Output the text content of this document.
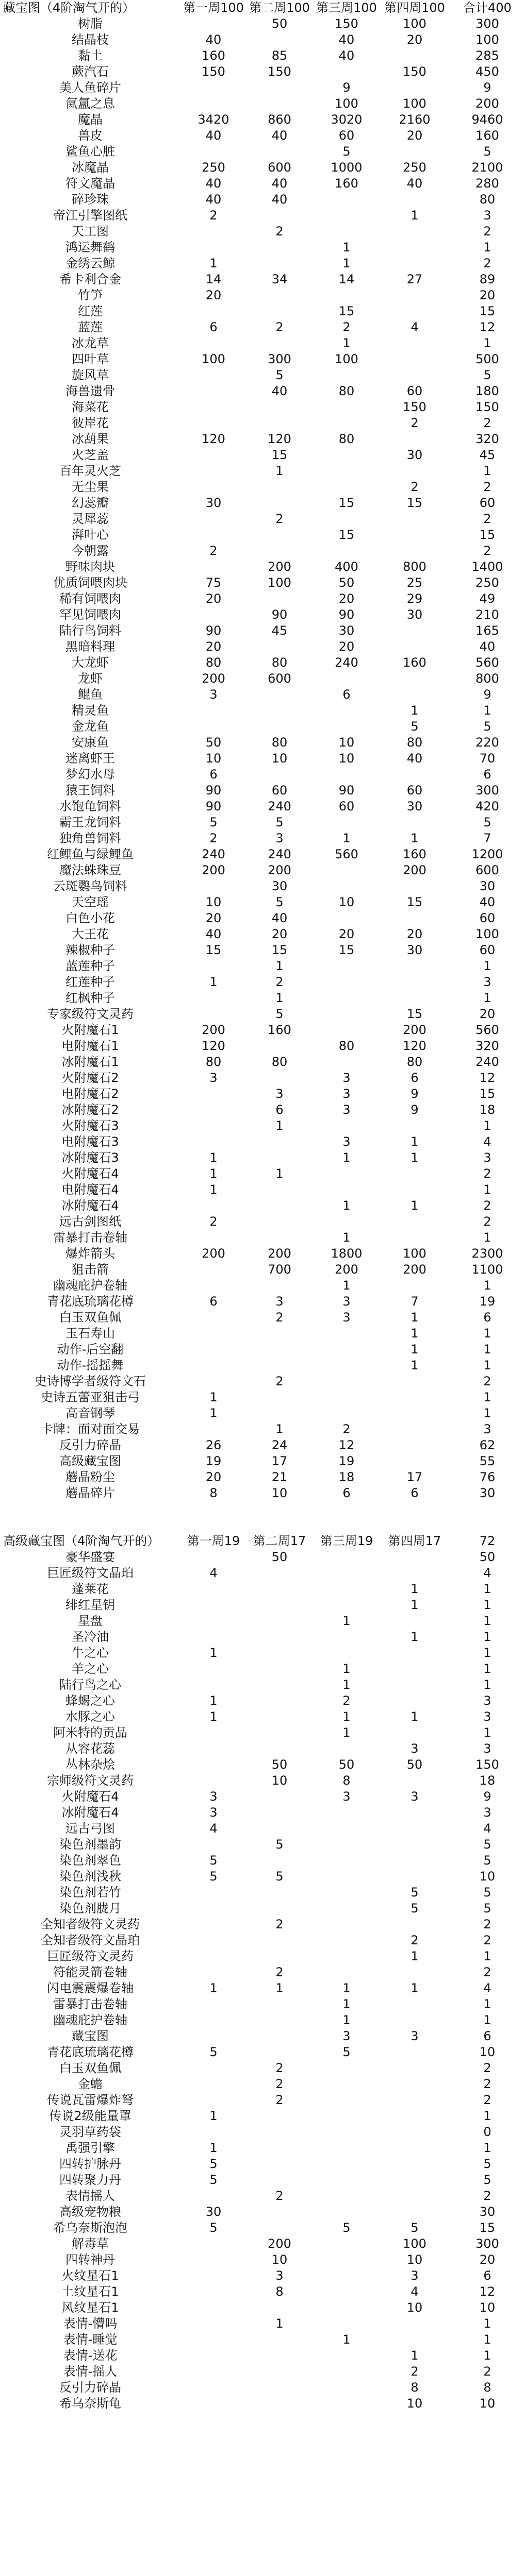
藏宝图（4阶淘气开的）	第一周100	第二周100	第三周100	第四周100	合计400
树脂		50	150	100	300
结晶枝	40		40	20	100
黏土	160	85	40		285
蕨汽石	150	150		150	450
美人鱼碎片			9		9
氤氲之息			100	100	200
魔晶	3420	860	3020	2160	9460
兽皮	40	40	60	20	160
鲨鱼心脏			5		5
冰魔晶	250	600	1000	250	2100
符文魔晶	40	40	160	40	280
碎珍珠	40	40			80
帝江引擎图纸	2			1	3
天工图		2			2
鸿运舞鹤			1		1
金绣云鲸	1		1		2
希卡利合金	14	34	14	27	89
竹笋	20				20
红莲			15		15
蓝莲	6	2	2	4	12
冰龙草			1		1
四叶草	100	300	100		500
旋风草		5			5
海兽遗骨		40	80	60	180
海菜花				150	150
彼岸花				2	2
冰葫果	120	120	80		320
火芝盖		15		30	45
百年灵火芝		1			1
无尘果				2	2
幻蕊瓣	30		15	15	60
灵犀蕊		2			2
湃叶心			15		15
今朝露	2				2
野味肉块		200	400	800	1400
优质饲喂肉块	75	100	50	25	250
稀有饲喂肉	20		20	29	49
罕见饲喂肉		90	90	30	210
陆行鸟饲料	90	45	30		165
黑暗料理	20		20		40
大龙虾	80	80	240	160	560
龙虾	200	600			800
鲲鱼	3		6		9
精灵鱼				1	1
金龙鱼				5	5
安康鱼	50	80	10	80	220
迷离虾王	10	10	10	40	70
梦幻水母	6				6
猿王饲料	90	60	90	60	300
水饱龟饲料	90	240	60	30	420
霸王龙饲料	5	5			5
独角兽饲料	2	3	1	1	7
红鲤鱼与绿鲤鱼	240	240	560	160	1200
魔法蛛珠豆	200	200		200	600
云斑鹦鸟饲料		30			30
天空瑶	10	5	10	15	40
白色小花	20	40			60
大王花	40	20	20	20	100
辣椒种子	15	15	15	30	60
蓝莲种子		1			1
红莲种子	1	2			3
红枫种子		1			1
专家级符文灵药		5		15	20
火附魔石1	200	160		200	560
电附魔石1	120		80	120	320
冰附魔石1	80	80		80	240
火附魔石2	3		3	6	12
电附魔石2		3	3	9	15
冰附魔石2		6	3	9	18
火附魔石3		1			1
电附魔石3			3	1	4
冰附魔石3	1		1	1	3
火附魔石4	1	1			2
电附魔石4	1				1
冰附魔石4			1	1	2
远古剑图纸	2				2
雷暴打击卷轴			1		1
爆炸箭头	200	200	1800	100	2300
狙击箭		700	200	200	1100
幽魂庇护卷轴			1		1
青花底琉璃花樽	6	3	3	7	19
白玉双鱼佩		2	3	1	6
玉石寿山				1	1
动作-后空翻				1	1
动作-摇摇舞				1	1
史诗博学者级符文石		2			2
史诗五蕾亚狙击弓	1				1
高音钢琴	1				1
卡牌：面对面交易		1	2		3
反引力碎晶	26	24	12		62
高级藏宝图	19	17	19		55
蘑晶粉尘	20	21	18	17	76
蘑晶碎片	8	10	6	6	30
高级藏宝图（4阶淘气开的）	第一周19	第二周17	第三周19	第四周17	72
豪华盛宴		50			50
巨匠级符文晶珀	4				4
蓬莱花				1	1
绯红星钥				1	1
星盘			1		1
圣冷油				1	1
牛之心	1				1
羊之心			1		1
陆行鸟之心			1		1
蜂蝎之心	1		2		3
水豚之心	1		1	1	3
阿米特的贡品			1		1
从容花蕊				3	3
丛林杂烩		50	50	50	150
宗师级符文灵药		10	8		18
火附魔石4	3		3	3	9
冰附魔石4	3				3
远古弓图	4				4
染色剂墨韵		5			5
染色剂翠色	5				5
染色剂浅秋	5	5			10
染色剂若竹				5	5
染色剂胧月				5	5
全知者级符文灵药		2			2
全知者级符文晶珀				2	2
巨匠级符文灵药				1	1
符能灵箭卷轴		2			2
闪电震震爆卷轴	1	1	1	1	4
雷暴打击卷轴			1		1
幽魂庇护卷轴			1		1
藏宝图			3	3	6
青花底琉璃花樽	5		5		10
白玉双鱼佩		2			2
金蟾		2			2
传说瓦雷爆炸弩		2			2
传说2级能量罩	1				1
灵羽草药袋					0
禹强引擎	1				1
四转护脉丹	5				5
四转聚力丹	5				5
表情摇人		2			2
高级宠物粮	30				30
希乌奈斯泡泡	5		5	5	15
解毒草		200		100	300
四转神丹		10		10	20
火纹星石1		3		3	6
土纹星石1		8		4	12
风纹星石1				10	10
表情-懵吗		1			1
表情-睡觉			1		1
表情-送花				1	1
表情-摇人				2	2
反引力碎晶				8	8
希乌奈斯龟				10	10
